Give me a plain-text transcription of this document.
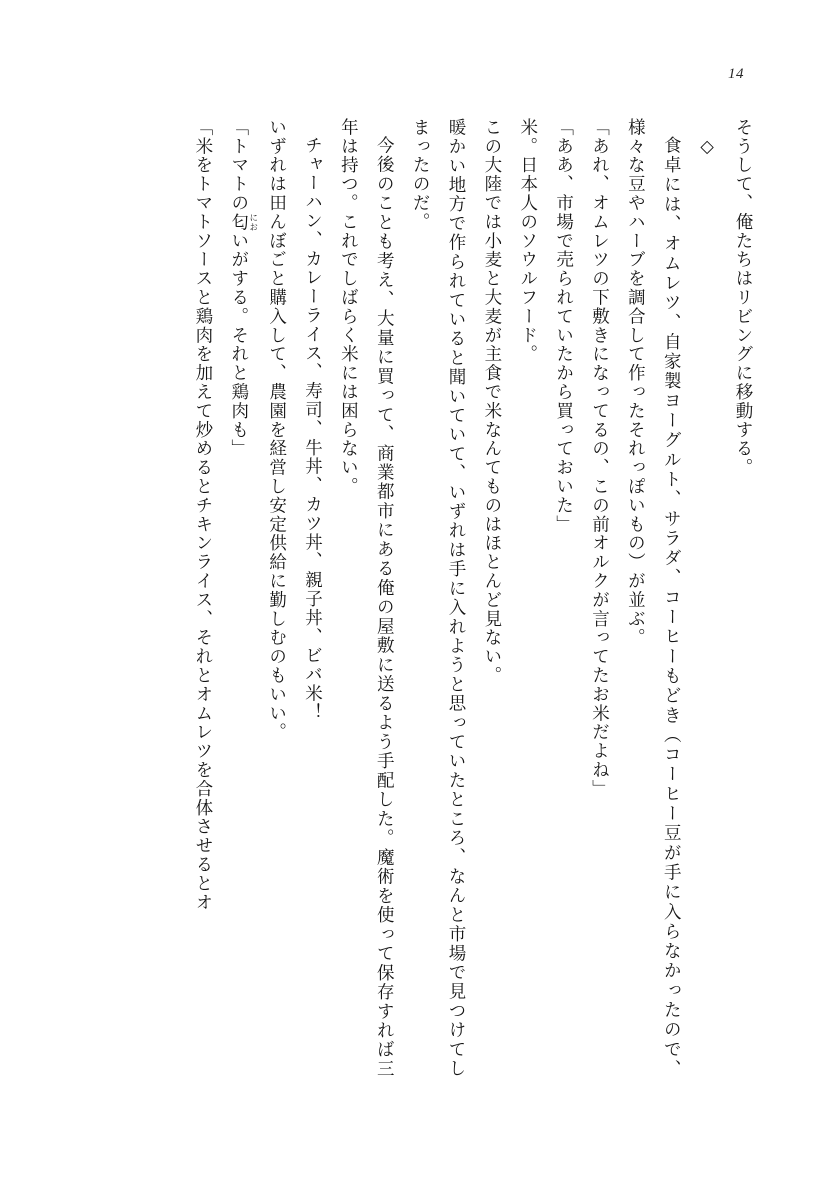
14

そうして、俺たちはリビングに移動する。

◇

食卓には、オムレツ、自家製ヨーグルト、サラダ、コーヒーもどき（コーヒー豆が手に入らなかったので、様々な豆やハーブを調合して作ったそれっぽいもの）が並ぶ。

「あれ、オムレツの下敷きになってるの、この前オルクが言ってたお米だよね」

「ああ、市場で売られていたから買っておいた」

米。日本人のソウルフード。

この大陸では小麦と大麦が主食で米なんてものはほとんど見ない。

暖かい地方で作られていると聞いていて、いずれは手に入れようと思っていたところ、なんと市場で見つけてしまったのだ。

今後のことも考え、大量に買って、商業都市にある俺の屋敷に送るよう手配した。魔術を使って保存すれば三年は持つ。これでしばらく米には困らない。

チャーハン、カレーライス、寿司、牛丼、カツ丼、親子丼、ビバ米！

いずれは田んぼごと購入して、農園を経営し安定供給に勤しむのもいい。

「トマトの匂 においがする。それと鶏肉も」

「米をトマトソースと鶏肉を加えて炒めるとチキンライス、それとオムレツを合体させるとオ
